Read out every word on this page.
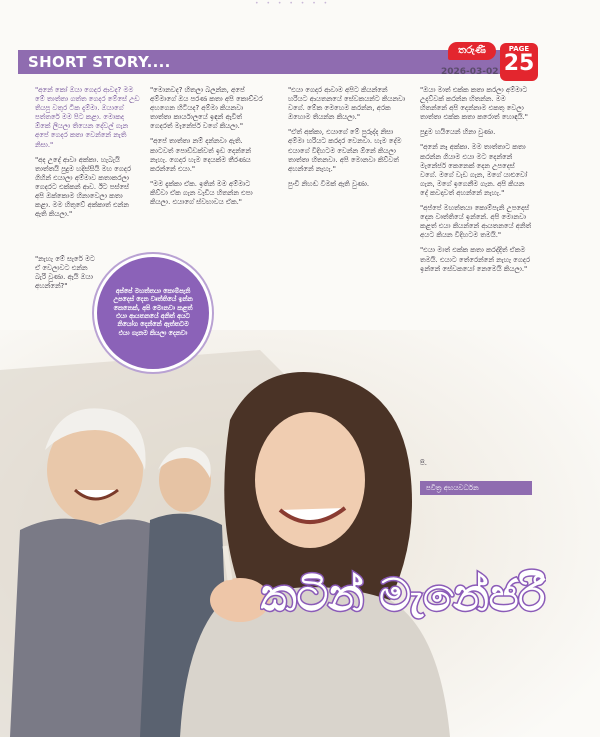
• • • • • • •
SHORT STORY....
තරුණී
2026-03-02
PAGE
25

"අනේ කෝ ඔයා ගෙදර ආවද? මම මේ තාත්තා ගත්ත ගෙදර මේසේ උඩ තියපු වතුර ටික දැම්මා. ඔයාගේ පත්තරේ මම පිට කළා. මොකද ඕකේ ලියලා තියෙන දේවල් ගැන අපේ ගෙදර කතා වෙන්නේ නැති නිසා."

"අද උදේ ආවා අක්කා. හැබැයි තාත්තයි පුදුම හදිස්සියි මහ ගෙදර ගිහින් එයාලා අම්මාව කතාකරලා ගෙදරට එක්කන් ආව. ඊට පස්සේ අපි ඔක්කොම හිනාවෙලා කතා කළා. මම හිතුවේ අක්කාත් එන්න ඇති කියලා."

"නැහැ මේ සැරේ මට ඒ වෙලාවට එන්න බැරි වුණා. ඇයි ඔයා අහන්නේ?"

"මොනවද? හිතලා බලන්න, අපේ අම්මාගේ ඔය පරණ කතා අපි කොච්චර අහගෙන හිටියද? අම්මා කියනවා තාත්තා කාර්යාලයේ ඉඳන් ඇවිත් ගෙදරත් මැනේජර් වගේ කියලා."

"අපේ තාත්තා නම් දන්නවා ඇති. කාටවත් පොඩ්ඩක්වත් ඉඩ දෙන්නේ නැහැ. ගෙදර හැම දෙයක්ම තීරණය කරන්නේ එයා."

"මම දැක්කා ඒක. ඉතින් මම අම්මාට කිව්වා ඒක ගැන වැඩිය හිතන්න එපා කියලා. එයාගේ ස්වභාවය ඒක."

"එයා ගෙදර ආවාම අපිට කියන්නේ හරියට ආයතනයේ සේවකයන්ට කියනවා වගේ. මේක මෙහෙම කරන්න, අරක ඔහොම තියන්න කියලා."

"ඒත් අක්කා, එයාගේ මේ පුරුද්ද නිසා අම්මා හරියට කරදර වෙනවා. හැම දේම එයාගේ විදිහටම වෙන්න ඕනේ කියලා තාත්තා හිතනවා. අපි මොනවා කිව්වත් අහන්නේ නැහැ."

පුංචි නිහඬ වීමක් ඇති වුණා.

"ඔයා මාත් එක්ක කතා කරලා අම්මාට උදව්වක් කරන්න හිතන්න. මම හිතන්නේ අපි දෙන්නාම එකතු වෙලා තාත්තා එක්ක කතා කරොත් හොඳයි."

පුදුම හයියෙන් හිනා වුණා.

"අනේ නෑ අක්කා. මම තාත්තාට කතා කරන්න ගියාම එයා මට දෙන්නේ මැනේජර් කෙනෙක් දෙන උපදෙස් වගේ. මගේ වැඩ ගැන, මගේ යාළුවෝ ගැන, මගේ ඉගෙනීම ගැන. අපි කියන දේ කවදාවත් අහන්නේ නැහැ."

"අප්පේ මහත්තයා කොම්පැනි උපදෙස් දෙන වෘත්තියේ ඉන්නේ. අපි මොනවා කළත් එයා කියන්නේ ආයතනයේ අනිත් අයට කියන විදිහටම තමයි."

"එයා මාත් එක්ක කතා කරද්දිත් ඒකම තමයි. එයාට තේරෙන්නේ නැහැ ගෙදර ඉන්නේ සේවකයෝ නෙමෙයි කියලා."

අප්පේ මහත්තයා කොම්පැනි උපදෙස් දෙන වෘත්තියේ ඉන්න කෙනෙක්, අපි මොනවා කළත් එයා ආයතනයේ අනිත් අයට නියෝග දෙන්නේ ඇත්තටම එයා ගැනම කියලා දෙනවා
පී.
පවිත්‍ර අභයවර්ධන
කටින් මැනේජරී
